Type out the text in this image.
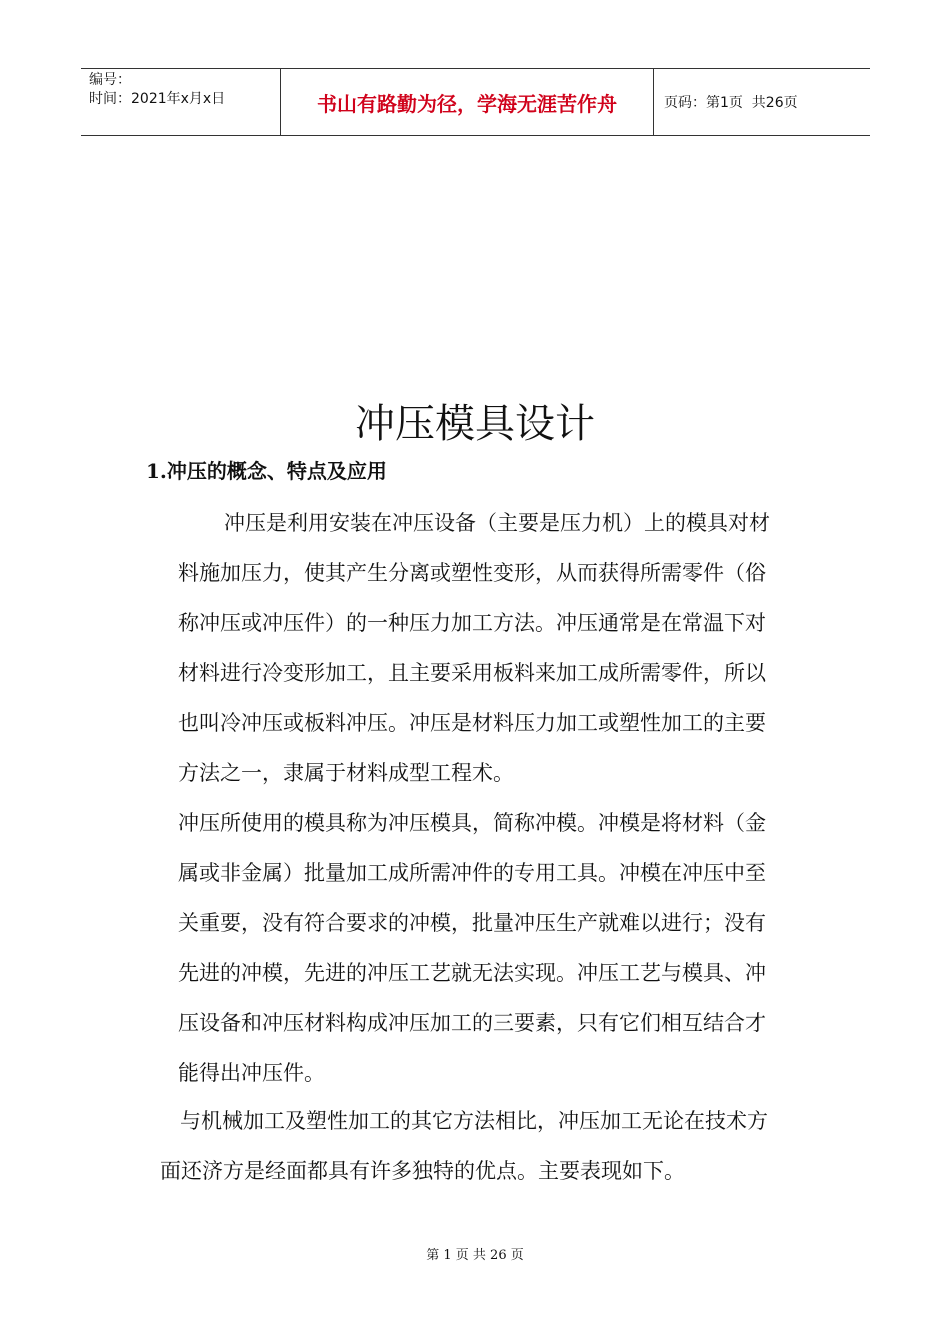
编号：
时间：2021年x月x日	书山有路勤为径，学海无涯苦作舟	页码：第1页  共26页
冲压模具设计
1.冲压的概念、特点及应用
冲压是利用安装在冲压设备（主要是压力机）上的模具对材
料施加压力，使其产生分离或塑性变形，从而获得所需零件（俗
称冲压或冲压件）的一种压力加工方法。冲压通常是在常温下对
材料进行冷变形加工，且主要采用板料来加工成所需零件，所以
也叫冷冲压或板料冲压。冲压是材料压力加工或塑性加工的主要
方法之一，隶属于材料成型工程术。
冲压所使用的模具称为冲压模具，简称冲模。冲模是将材料（金
属或非金属）批量加工成所需冲件的专用工具。冲模在冲压中至
关重要，没有符合要求的冲模，批量冲压生产就难以进行；没有
先进的冲模，先进的冲压工艺就无法实现。冲压工艺与模具、冲
压设备和冲压材料构成冲压加工的三要素，只有它们相互结合才
能得出冲压件。
与机械加工及塑性加工的其它方法相比，冲压加工无论在技术方
面还济方是经面都具有许多独特的优点。主要表现如下。
第 1 页 共 26 页
